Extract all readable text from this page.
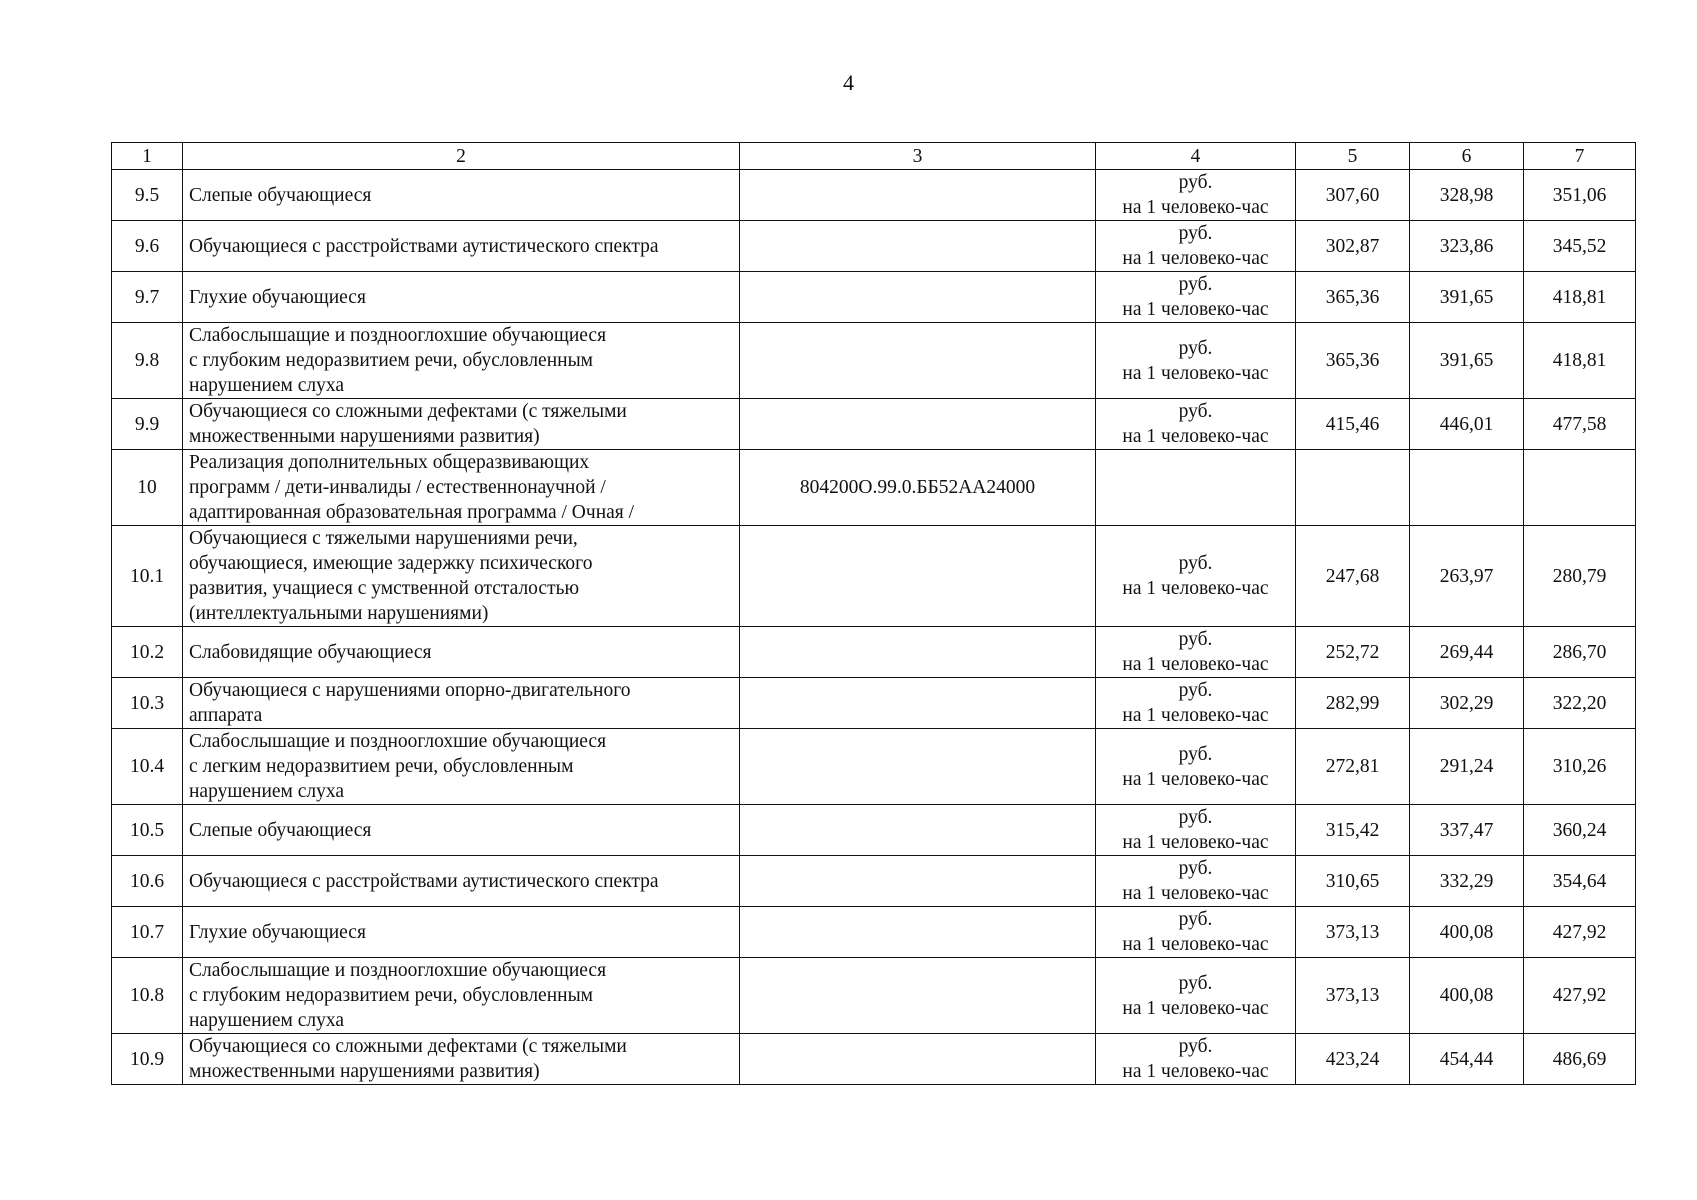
4
1	2	3	4	5	6	7
9.5	Слепые обучающиеся		руб.
на 1 человеко-час	307,60	328,98	351,06
9.6	Обучающиеся с расстройствами аутистического спектра		руб.
на 1 человеко-час	302,87	323,86	345,52
9.7	Глухие обучающиеся		руб.
на 1 человеко-час	365,36	391,65	418,81
9.8	Слабослышащие и позднооглохшие обучающиеся
с глубоким недоразвитием речи, обусловленным
нарушением слуха		руб.
на 1 человеко-час	365,36	391,65	418,81
9.9	Обучающиеся со сложными дефектами (с тяжелыми
множественными нарушениями развития)		руб.
на 1 человеко-час	415,46	446,01	477,58
10	Реализация дополнительных общеразвивающих
программ / дети-инвалиды / естественнонаучной /
адаптированная образовательная программа / Очная /	804200О.99.0.ББ52АА24000				
10.1	Обучающиеся с тяжелыми нарушениями речи,
обучающиеся, имеющие задержку психического
развития, учащиеся с умственной отсталостью
(интеллектуальными нарушениями)		руб.
на 1 человеко-час	247,68	263,97	280,79
10.2	Слабовидящие обучающиеся		руб.
на 1 человеко-час	252,72	269,44	286,70
10.3	Обучающиеся с нарушениями опорно-двигательного
аппарата		руб.
на 1 человеко-час	282,99	302,29	322,20
10.4	Слабослышащие и позднооглохшие обучающиеся
с легким недоразвитием речи, обусловленным
нарушением слуха		руб.
на 1 человеко-час	272,81	291,24	310,26
10.5	Слепые обучающиеся		руб.
на 1 человеко-час	315,42	337,47	360,24
10.6	Обучающиеся с расстройствами аутистического спектра		руб.
на 1 человеко-час	310,65	332,29	354,64
10.7	Глухие обучающиеся		руб.
на 1 человеко-час	373,13	400,08	427,92
10.8	Слабослышащие и позднооглохшие обучающиеся
с глубоким недоразвитием речи, обусловленным
нарушением слуха		руб.
на 1 человеко-час	373,13	400,08	427,92
10.9	Обучающиеся со сложными дефектами (с тяжелыми
множественными нарушениями развития)		руб.
на 1 человеко-час	423,24	454,44	486,69
